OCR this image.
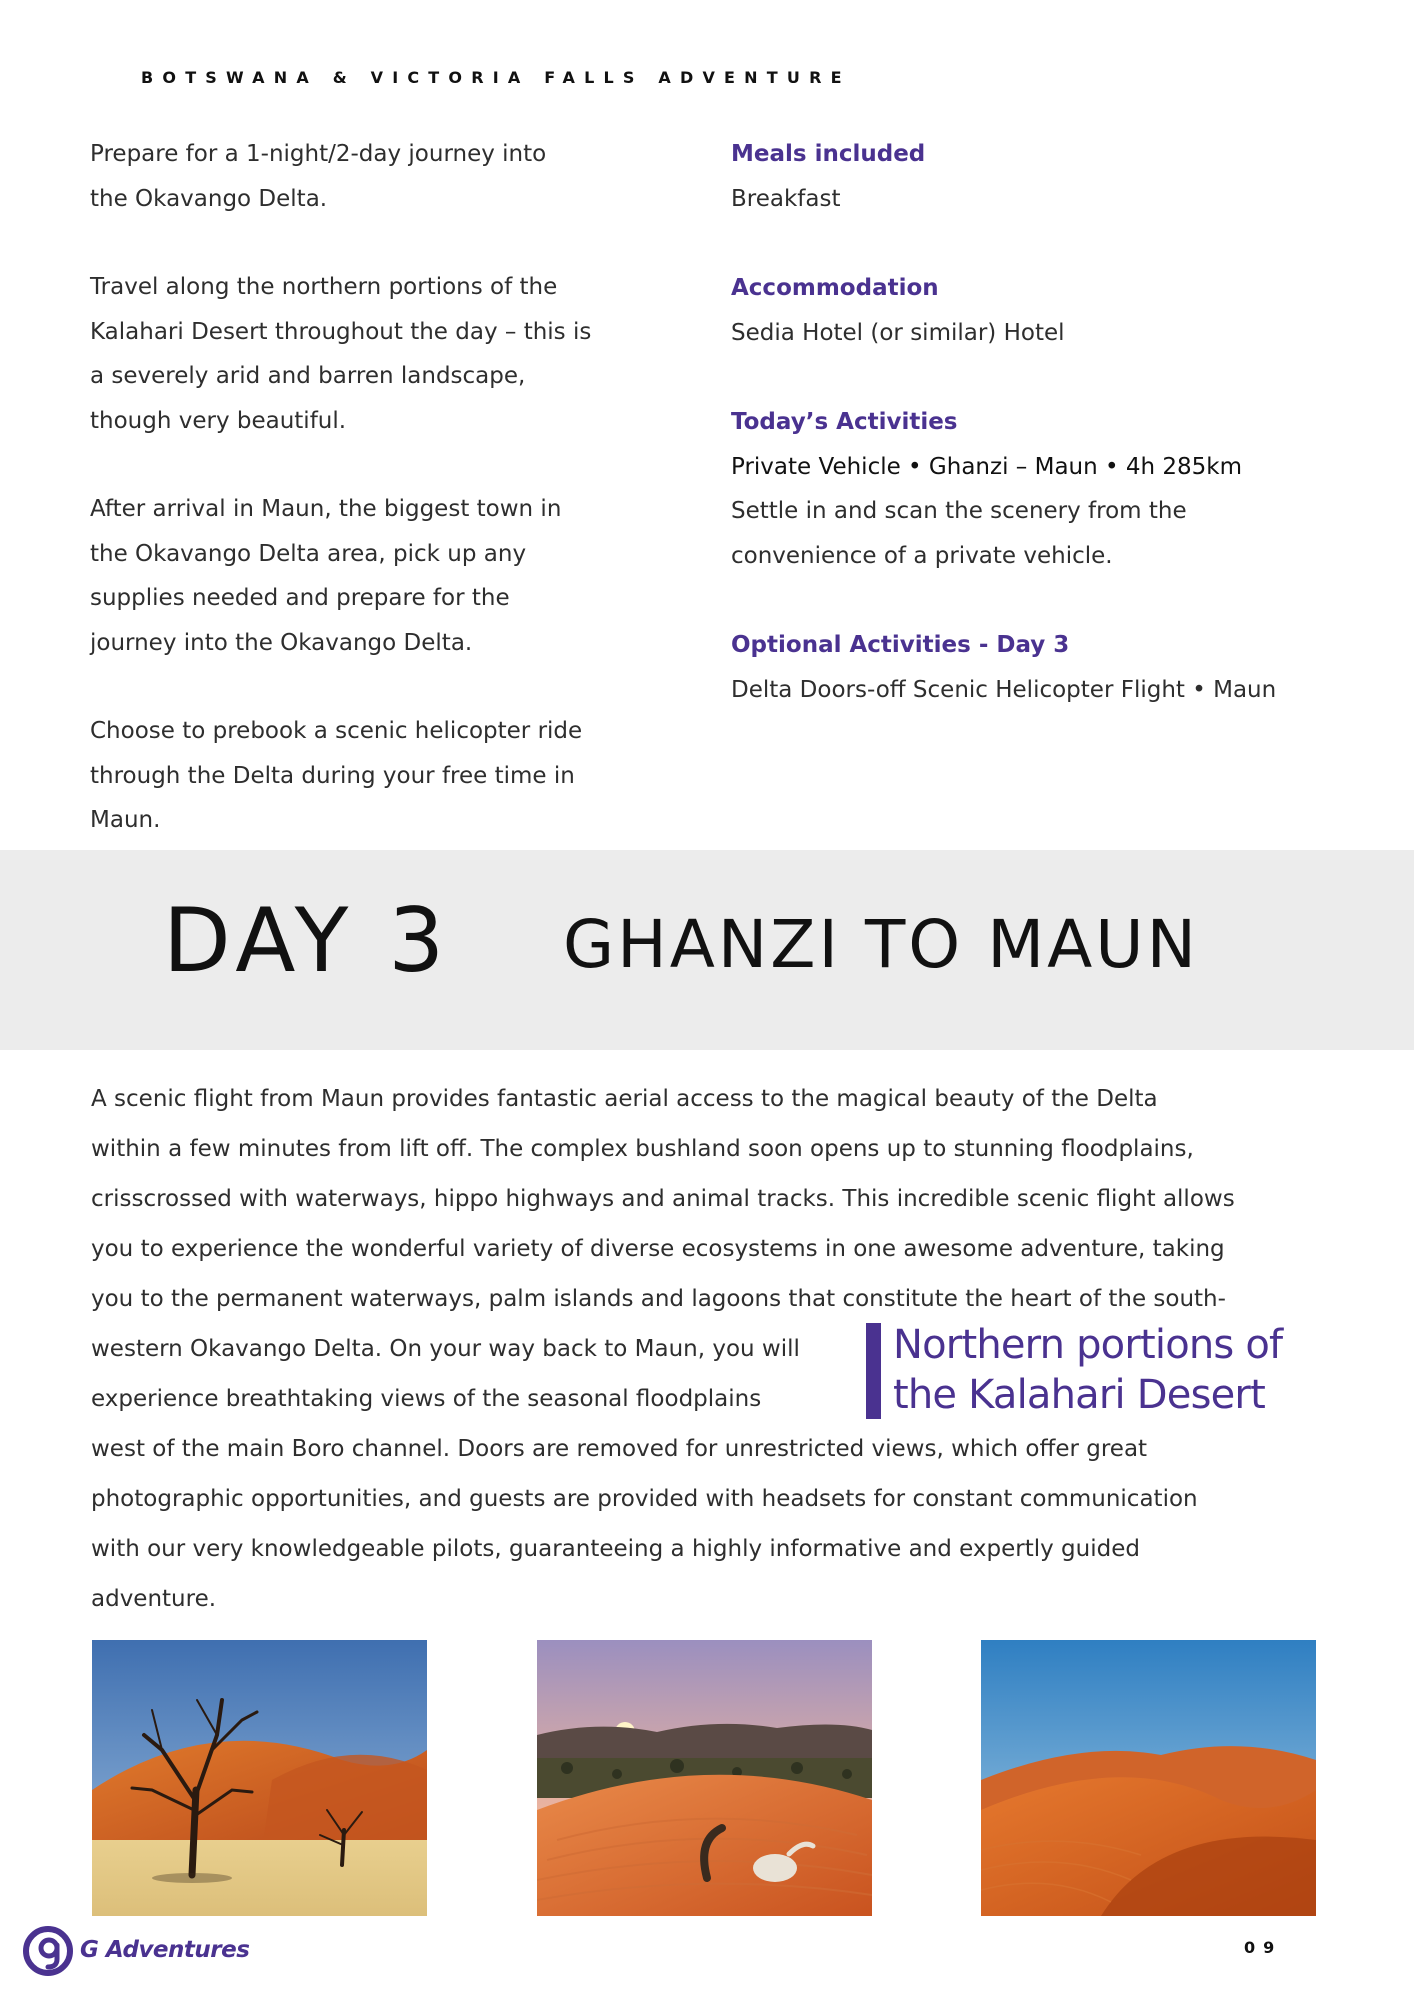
BOTSWANA & VICTORIA FALLS ADVENTURE

Prepare for a 1-night/2-day journey into
the Okavango Delta.

Travel along the northern portions of the
Kalahari Desert throughout the day – this is
a severely arid and barren landscape,
though very beautiful.

After arrival in Maun, the biggest town in
the Okavango Delta area, pick up any
supplies needed and prepare for the
journey into the Okavango Delta.

Choose to prebook a scenic helicopter ride
through the Delta during your free time in
Maun.

Meals included
Breakfast
Accommodation
Sedia Hotel (or similar) Hotel
Today’s Activities
Private Vehicle • Ghanzi – Maun • 4h 285km
Settle in and scan the scenery from the
convenience of a private vehicle.
Optional Activities - Day 3
Delta Doors-off Scenic Helicopter Flight • Maun
DAY 3 GHANZI TO MAUN
A scenic flight from Maun provides fantastic aerial access to the magical beauty of the Delta
within a few minutes from lift off. The complex bushland soon opens up to stunning floodplains,
crisscrossed with waterways, hippo highways and animal tracks. This incredible scenic flight allows
you to experience the wonderful variety of diverse ecosystems in one awesome adventure, taking
you to the permanent waterways, palm islands and lagoons that constitute the heart of the south-
western Okavango Delta. On your way back to Maun, you will
experience breathtaking views of the seasonal floodplains
west of the main Boro channel. Doors are removed for unrestricted views, which offer great
photographic opportunities, and guests are provided with headsets for constant communication
with our very knowledgeable pilots, guaranteeing a highly informative and expertly guided
adventure.
Northern portions of
the Kalahari Desert
G Adventures	09
